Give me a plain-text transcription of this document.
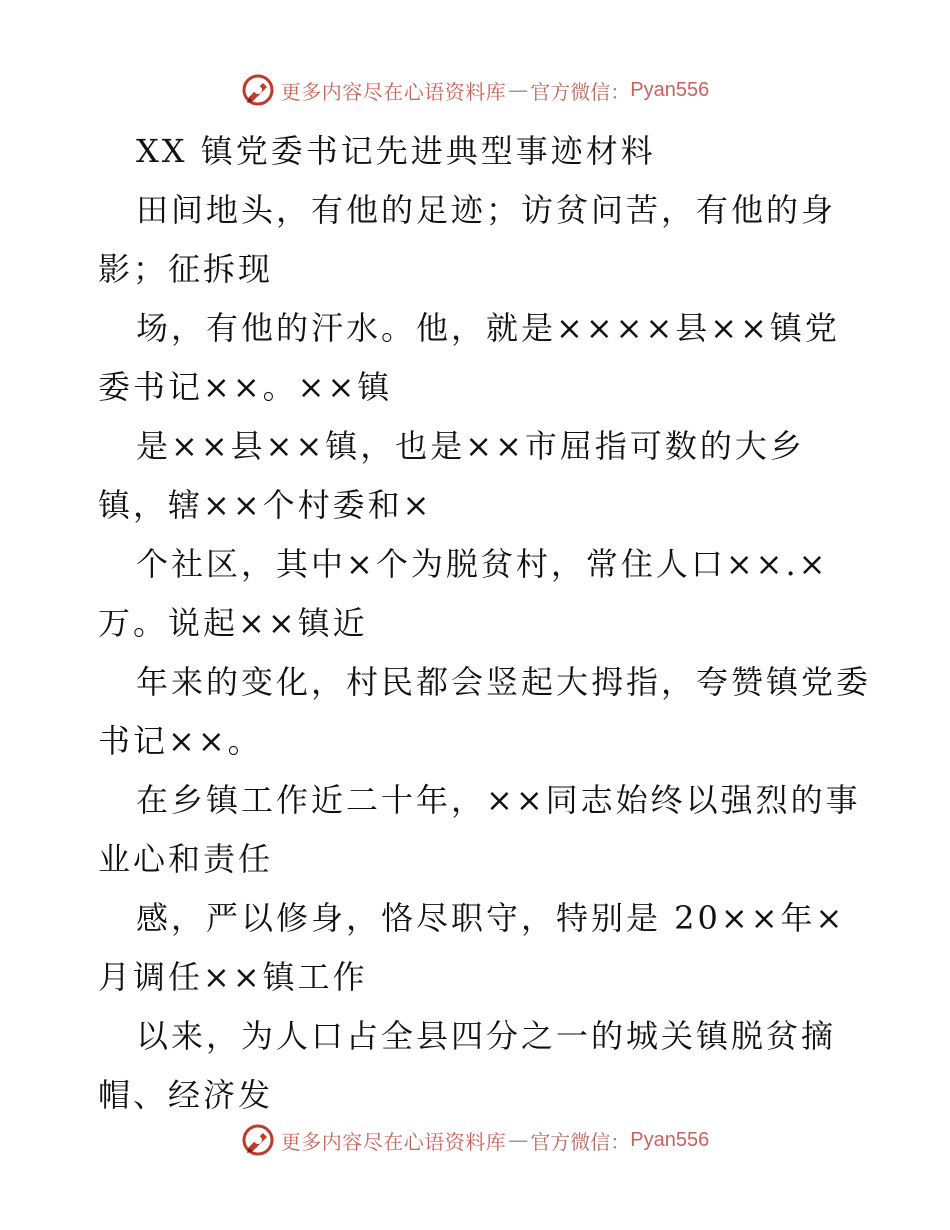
更多内容尽在心语资料库 — 官方微信： Pyan556
XX 镇党委书记先进典型事迹材料
田间地头，有他的足迹；访贫问苦，有他的身
影；征拆现
场，有他的汗水。他，就是××××县××镇党
委书记××。××镇
是××县××镇，也是××市屈指可数的大乡
镇，辖××个村委和×
个社区，其中×个为脱贫村，常住人口××.×
万。说起××镇近
年来的变化，村民都会竖起大拇指，夸赞镇党委
书记××。
在乡镇工作近二十年，××同志始终以强烈的事
业心和责任
感，严以修身，恪尽职守，特别是 20××年×
月调任××镇工作
以来，为人口占全县四分之一的城关镇脱贫摘
帽、经济发
更多内容尽在心语资料库 — 官方微信： Pyan556
